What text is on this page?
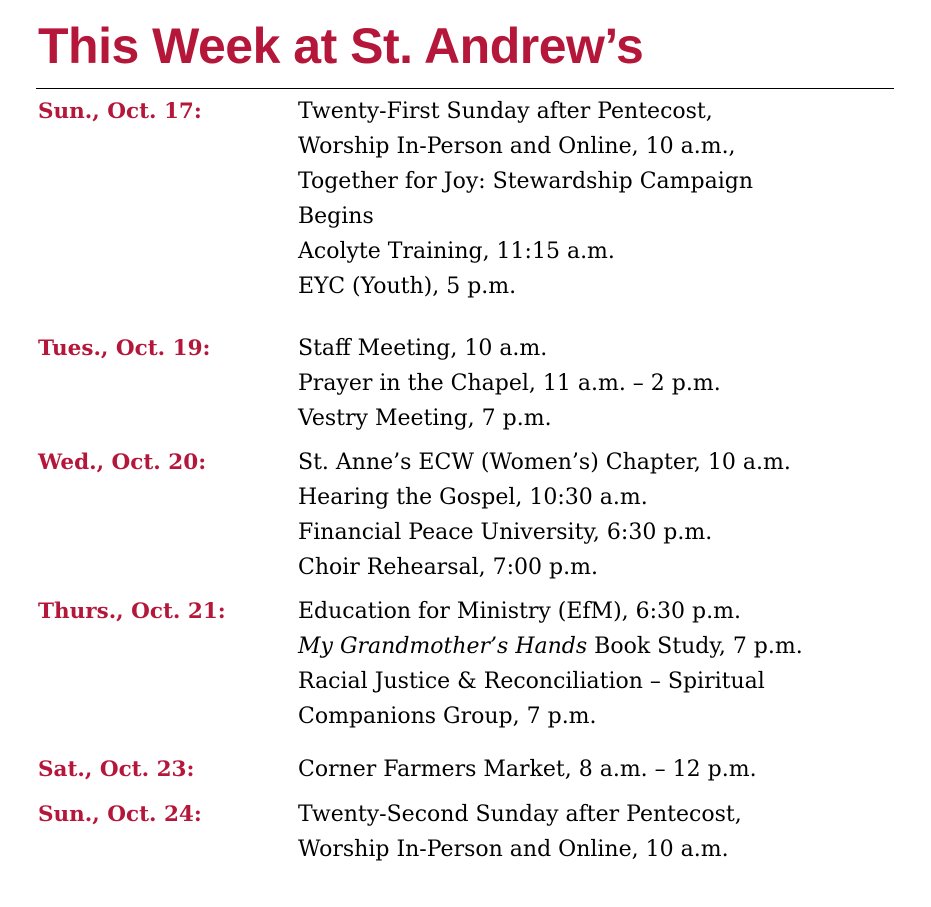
This Week at St. Andrew’s
Sun., Oct. 17:	Twenty-First Sunday after Pentecost,
Worship In-Person and Online, 10 a.m.,
Together for Joy: Stewardship Campaign
Begins
Acolyte Training, 11:15 a.m.
EYC (Youth), 5 p.m.
Tues., Oct. 19:	Staff Meeting, 10 a.m.
Prayer in the Chapel, 11 a.m. – 2 p.m.
Vestry Meeting, 7 p.m.
Wed., Oct. 20:	St. Anne’s ECW (Women’s) Chapter, 10 a.m.
Hearing the Gospel, 10:30 a.m.
Financial Peace University, 6:30 p.m.
Choir Rehearsal, 7:00 p.m.
Thurs., Oct. 21:	Education for Ministry (EfM), 6:30 p.m.
My Grandmother’s Hands Book Study, 7 p.m.
Racial Justice & Reconciliation – Spiritual
Companions Group, 7 p.m.
Sat., Oct. 23:	Corner Farmers Market, 8 a.m. – 12 p.m.
Sun., Oct. 24:	Twenty-Second Sunday after Pentecost,
Worship In-Person and Online, 10 a.m.
